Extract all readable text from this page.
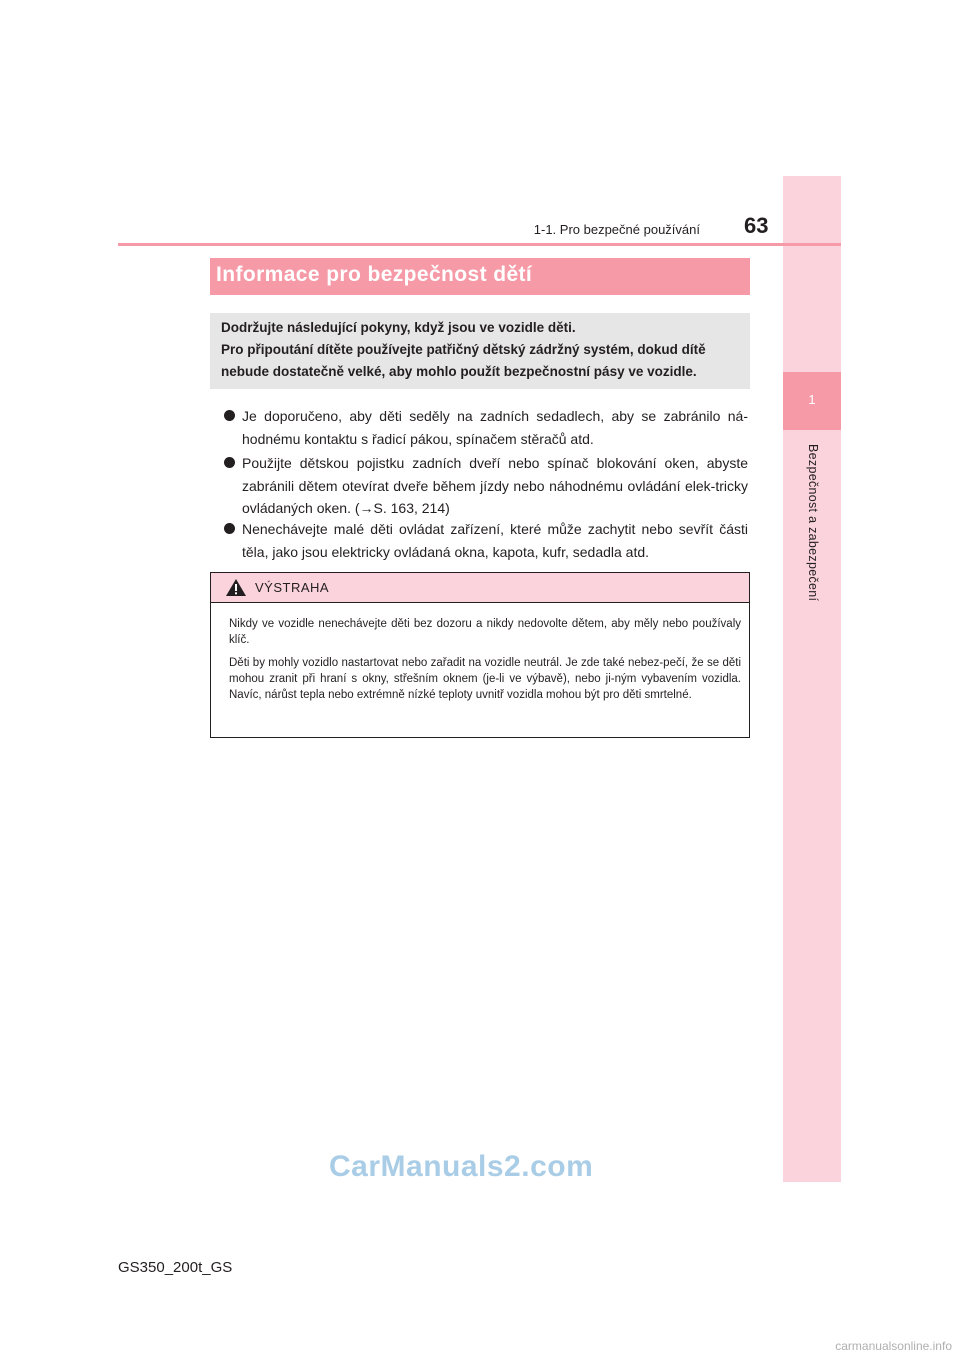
1
Bezpečnost a zabezpečení
1-1. Pro bezpečné používání 63
Informace pro bezpečnost dětí
Dodržujte následující pokyny, když jsou ve vozidle děti.
Pro připoutání dítěte používejte patřičný dětský zádržný systém, dokud dítě
nebude dostatečně velké, aby mohlo použít bezpečnostní pásy ve vozidle.
Je doporučeno, aby děti seděly na zadních sedadlech, aby se zabránilo ná-hodnému kontaktu s řadicí pákou, spínačem stěračů atd.
Použijte dětskou pojistku zadních dveří nebo spínač blokování oken, abyste zabránili dětem otevírat dveře během jízdy nebo náhodnému ovládání elek-tricky ovládaných oken. (→S. 163, 214)
Nenechávejte malé děti ovládat zařízení, které může zachytit nebo sevřít části těla, jako jsou elektricky ovládaná okna, kapota, kufr, sedadla atd.
VÝSTRAHA
Nikdy ve vozidle nenechávejte děti bez dozoru a nikdy nedovolte dětem, aby měly nebo používaly klíč.
Děti by mohly vozidlo nastartovat nebo zařadit na vozidle neutrál. Je zde také nebez-pečí, že se děti mohou zranit při hraní s okny, střešním oknem (je-li ve výbavě), nebo ji-ným vybavením vozidla. Navíc, nárůst tepla nebo extrémně nízké teploty uvnitř vozidla mohou být pro děti smrtelné.
CarManuals2.com
GS350_200t_GS
carmanualsonline.info
